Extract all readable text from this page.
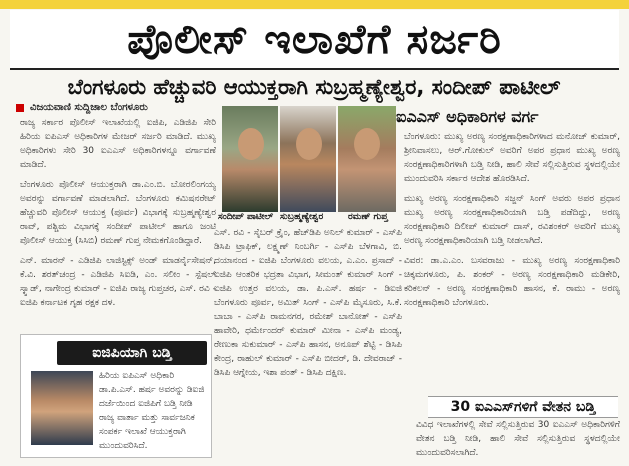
ಪೊಲೀಸ್ ಇಲಾಖೆಗೆ ಸರ್ಜರಿ
ಬೆಂಗಳೂರು ಹೆಚ್ಚುವರಿ ಆಯುಕ್ತರಾಗಿ ಸುಬ್ರಹ್ಮಣ್ಯೇಶ್ವರ, ಸಂದೀಪ್ ಪಾಟೀಲ್
ವಿಜಯವಾಣಿ ಸುದ್ದಿಜಾಲ ಬೆಂಗಳೂರು

ರಾಜ್ಯ ಸರ್ಕಾರ ಪೊಲೀಸ್ ಇಲಾಖೆಯಲ್ಲಿ ಐಜಿಪಿ, ಎಡಿಜಿಪಿ ಸೇರಿ ಹಿರಿಯ ಐಪಿಎಸ್ ಅಧಿಕಾರಿಗಳ ಮೇಜರ್ ಸರ್ಜರಿ ಮಾಡಿದೆ. ಮುಖ್ಯ ಅಧಿಕಾರಿಗಳು ಸೇರಿ 30 ಐಎಎಸ್ ಅಧಿಕಾರಿಗಳನ್ನೂ ವರ್ಗಾವಣೆ ಮಾಡಿದೆ.

ಬೆಂಗಳೂರು ಪೊಲೀಸ್ ಆಯುಕ್ತರಾಗಿ ಡಾ.ಎಂ.ಬಿ. ಬೋರಲಿಂಗಯ್ಯ ಅವರನ್ನು ವರ್ಗಾವಣೆ ಮಾಡಲಾಗಿದೆ. ಬೆಂಗಳೂರು ಕಮಿಷನರೇಟ್ ಹೆಚ್ಚುವರಿ ಪೊಲೀಸ್ ಆಯುಕ್ತ (ಪೂರ್ವ) ವಿಭಾಗಕ್ಕೆ ಸುಬ್ರಹ್ಮಣ್ಯೇಶ್ವರ ರಾವ್, ಪಶ್ಚಿಮ ವಿಭಾಗಕ್ಕೆ ಸಂದೀಪ್ ಪಾಟೀಲ್ ಹಾಗೂ ಜಂಟಿ ಪೊಲೀಸ್ ಆಯುಕ್ತ (ಸಿಸಿಬಿ) ರಮಣ್ ಗುಪ್ತ ನೇಮಕಗೊಂಡಿದ್ದಾರೆ.

ಎನ್. ಮಾರನ್ - ಎಡಿಜಿಪಿ ಲಾಜಿಸ್ಟಿಕ್ಸ್ ಅಂಡ್ ಮಾಡರ್ನೈಸೇಷನ್, ಕೆ.ವಿ. ಶರತ್‌ಚಂದ್ರ - ಎಡಿಜಿಪಿ ಸಿಐಡಿ, ಎಂ. ಸಲೀಂ - ಸ್ಪೆಷಲ್ ಸ್ಕ್ವಾಡ್, ನಾಗೇಂದ್ರ ಕುಮಾರ್ - ಐಜಿಪಿ ರಾಜ್ಯ ಗುಪ್ತಚರ, ಎಸ್. ರವಿ - ಐಜಿಪಿ ಕರ್ನಾಟಕ ಗೃಹ ರಕ್ಷಕ ದಳ.

ಸಂದೀಪ್ ಪಾಟೀಲ್ ಸುಬ್ರಹ್ಮಣ್ಯೇಶ್ವರ	ರಮಣ್ ಗುಪ್ತ

ಎಸ್. ರವಿ - ಸೈಬರ್ ಕ್ರೈಂ, ಹೆಚ್‌ಡಿಪಿ ಅನಿಲ್ ಕುಮಾರ್ - ಎಸ್‌ಪಿ ಡಿಸಿಪಿ ಟ್ರಾಫಿಕ್, ಲಕ್ಷ್ಮಣ್ ನಿಂಬರ್ಗಿ - ಎಸ್‌ಪಿ ಬೆಳಗಾವಿ, ಬಿ. ದಯಾನಂದ - ಐಜಿಪಿ ಬೆಂಗಳೂರು ವಲಯ, ಎ.ಎಂ. ಪ್ರಸಾದ್ - ಐಜಿಪಿ ಆಂತರಿಕ ಭದ್ರತಾ ವಿಭಾಗ, ಸೀಮಂತ್ ಕುಮಾರ್ ಸಿಂಗ್ - ಐಜಿಪಿ ಉತ್ತರ ವಲಯ, ಡಾ. ಪಿ.ಎಸ್. ಹರ್ಷ - ಡಿಐಜಿ ಬೆಂಗಳೂರು ಪೂರ್ವ, ಅಮಿತ್ ಸಿಂಗ್ - ಎಸ್‌ಪಿ ಮೈಸೂರು, ಸಿ.ಕೆ. ಬಾಬಾ - ಎಸ್‌ಪಿ ರಾಮನಗರ, ರಮೇಶ್ ಬಾನೋತ್ - ಎಸ್‌ಪಿ ಹಾವೇರಿ, ಧರ್ಮೇಂದರ್ ಕುಮಾರ್ ಮೀನಾ - ಎಸ್‌ಪಿ ಮಂಡ್ಯ, ರೇಣುಕಾ ಸುಕುಮಾರ್ - ಎಸ್‌ಪಿ ಹಾಸನ, ಅನೂಪ್ ಶೆಟ್ಟಿ - ಡಿಸಿಪಿ ಕೇಂದ್ರ, ರಾಹುಲ್ ಕುಮಾರ್ - ಎಸ್‌ಪಿ ಬೀದರ್, ಡಿ. ದೇವರಾಜ್ - ಡಿಸಿಪಿ ಆಗ್ನೇಯ, ಇಶಾ ಪಂತ್ - ಡಿಸಿಪಿ ದಕ್ಷಿಣ.

ಐಎಎಸ್ ಅಧಿಕಾರಿಗಳ ವರ್ಗ

ಬೆಂಗಳೂರು: ಮುಖ್ಯ ಅರಣ್ಯ ಸಂರಕ್ಷಣಾಧಿಕಾರಿಗಳಾದ ಮನೋಜ್ ಕುಮಾರ್, ಶ್ರೀನಿವಾಸಲು, ಆರ್.ಗೋಕುಲ್ ಅವರಿಗೆ ಅಪರ ಪ್ರಧಾನ ಮುಖ್ಯ ಅರಣ್ಯ ಸಂರಕ್ಷಣಾಧಿಕಾರಿಗಳಾಗಿ ಬಡ್ತಿ ನೀಡಿ, ಹಾಲಿ ಸೇವೆ ಸಲ್ಲಿಸುತ್ತಿರುವ ಸ್ಥಳದಲ್ಲಿಯೇ ಮುಂದುವರಿಸಿ ಸರ್ಕಾರ ಆದೇಶ ಹೊರಡಿಸಿದೆ.

ಮುಖ್ಯ ಅರಣ್ಯ ಸಂರಕ್ಷಣಾಧಿಕಾರಿ ಸಜ್ಜನ್ ಸಿಂಗ್ ಅವರು ಅಪರ ಪ್ರಧಾನ ಮುಖ್ಯ ಅರಣ್ಯ ಸಂರಕ್ಷಣಾಧಿಕಾರಿಯಾಗಿ ಬಡ್ತಿ ಪಡೆದಿದ್ದು, ಅರಣ್ಯ ಸಂರಕ್ಷಣಾಧಿಕಾರಿ ದಿಲೀಪ್ ಕುಮಾರ್ ದಾಸ್, ರವಿಶಂಕರ್ ಅವರಿಗೆ ಮುಖ್ಯ ಅರಣ್ಯ ಸಂರಕ್ಷಣಾಧಿಕಾರಿಯಾಗಿ ಬಡ್ತಿ ನೀಡಲಾಗಿದೆ.

ವಿವರ: ಡಾ.ಎ.ಎಂ. ಬಸವರಾಜು - ಮುಖ್ಯ ಅರಣ್ಯ ಸಂರಕ್ಷಣಾಧಿಕಾರಿ ಚಿಕ್ಕಮಗಳೂರು, ಪಿ. ಶಂಕರ್ - ಅರಣ್ಯ ಸಂರಕ್ಷಣಾಧಿಕಾರಿ ಮಡಿಕೇರಿ, ಕರಿಕಲನ್ - ಅರಣ್ಯ ಸಂರಕ್ಷಣಾಧಿಕಾರಿ ಹಾಸನ, ಕೆ. ರಾಮು - ಅರಣ್ಯ ಸಂರಕ್ಷಣಾಧಿಕಾರಿ ಬೆಂಗಳೂರು.

ಐಜಿಪಿಯಾಗಿ ಬಡ್ತಿ
ಹಿರಿಯ ಐಪಿಎಸ್ ಅಧಿಕಾರಿ ಡಾ.ಪಿ.ಎಸ್. ಹರ್ಷ ಅವರನ್ನು ಡಿಐಜಿ ದರ್ಜೆಯಿಂದ ಐಜಿಪಿಗೆ ಬಡ್ತಿ ನೀಡಿ ರಾಜ್ಯ ವಾರ್ತಾ ಮತ್ತು ಸಾರ್ವಜನಿಕ ಸಂಪರ್ಕ ಇಲಾಖೆ ಆಯುಕ್ತರಾಗಿ ಮುಂದುವರಿಸಿದೆ.
30 ಐಎಎಸ್‌ಗಳಿಗೆ ವೇತನ ಬಡ್ತಿ
ವಿವಿಧ ಇಲಾಖೆಗಳಲ್ಲಿ ಸೇವೆ ಸಲ್ಲಿಸುತ್ತಿರುವ 30 ಐಎಎಸ್ ಅಧಿಕಾರಿಗಳಿಗೆ ವೇತನ ಬಡ್ತಿ ನೀಡಿ, ಹಾಲಿ ಸೇವೆ ಸಲ್ಲಿಸುತ್ತಿರುವ ಸ್ಥಳದಲ್ಲಿಯೇ ಮುಂದುವರಿಸಲಾಗಿದೆ.
